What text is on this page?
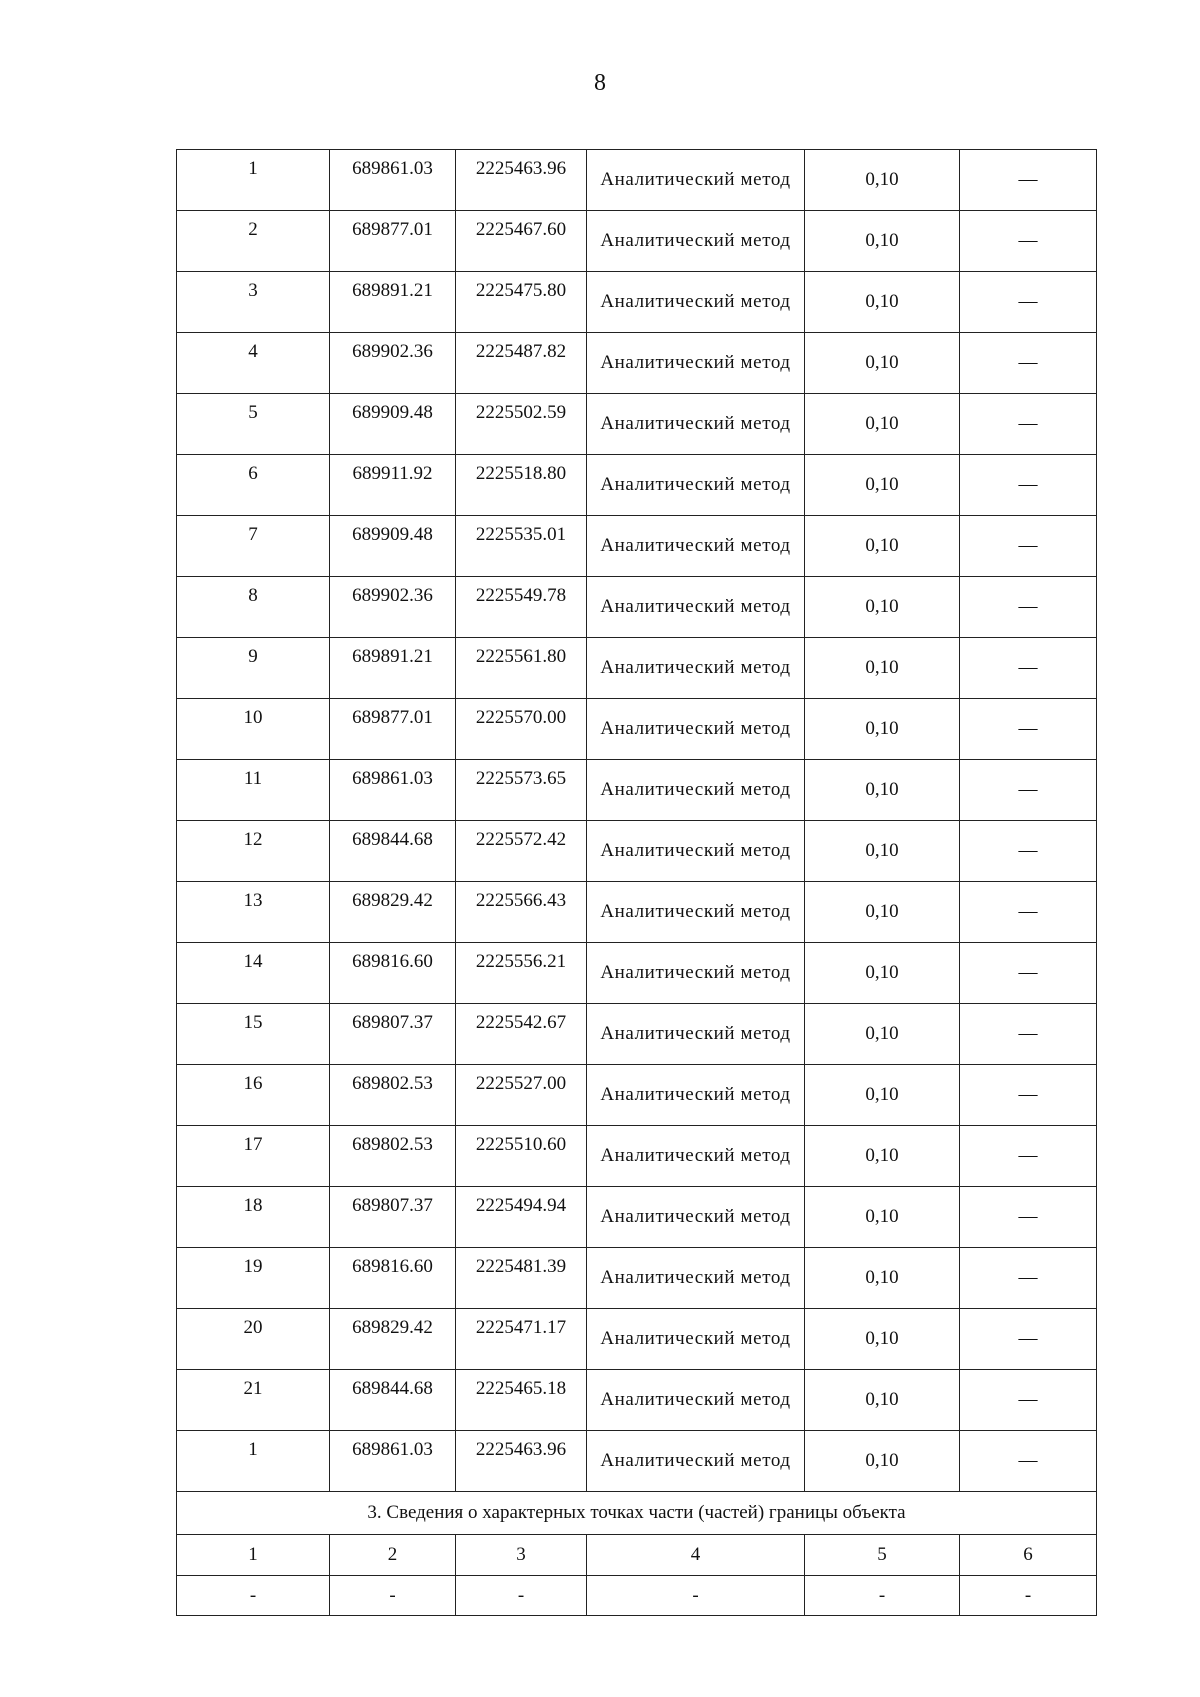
8
1	689861.03	2225463.96	Аналитический метод	0,10	—
2	689877.01	2225467.60	Аналитический метод	0,10	—
3	689891.21	2225475.80	Аналитический метод	0,10	—
4	689902.36	2225487.82	Аналитический метод	0,10	—
5	689909.48	2225502.59	Аналитический метод	0,10	—
6	689911.92	2225518.80	Аналитический метод	0,10	—
7	689909.48	2225535.01	Аналитический метод	0,10	—
8	689902.36	2225549.78	Аналитический метод	0,10	—
9	689891.21	2225561.80	Аналитический метод	0,10	—
10	689877.01	2225570.00	Аналитический метод	0,10	—
11	689861.03	2225573.65	Аналитический метод	0,10	—
12	689844.68	2225572.42	Аналитический метод	0,10	—
13	689829.42	2225566.43	Аналитический метод	0,10	—
14	689816.60	2225556.21	Аналитический метод	0,10	—
15	689807.37	2225542.67	Аналитический метод	0,10	—
16	689802.53	2225527.00	Аналитический метод	0,10	—
17	689802.53	2225510.60	Аналитический метод	0,10	—
18	689807.37	2225494.94	Аналитический метод	0,10	—
19	689816.60	2225481.39	Аналитический метод	0,10	—
20	689829.42	2225471.17	Аналитический метод	0,10	—
21	689844.68	2225465.18	Аналитический метод	0,10	—
1	689861.03	2225463.96	Аналитический метод	0,10	—
3. Сведения о характерных точках части (частей) границы объекта					
1	2	3	4	5	6
-	-	-	-	-	-
